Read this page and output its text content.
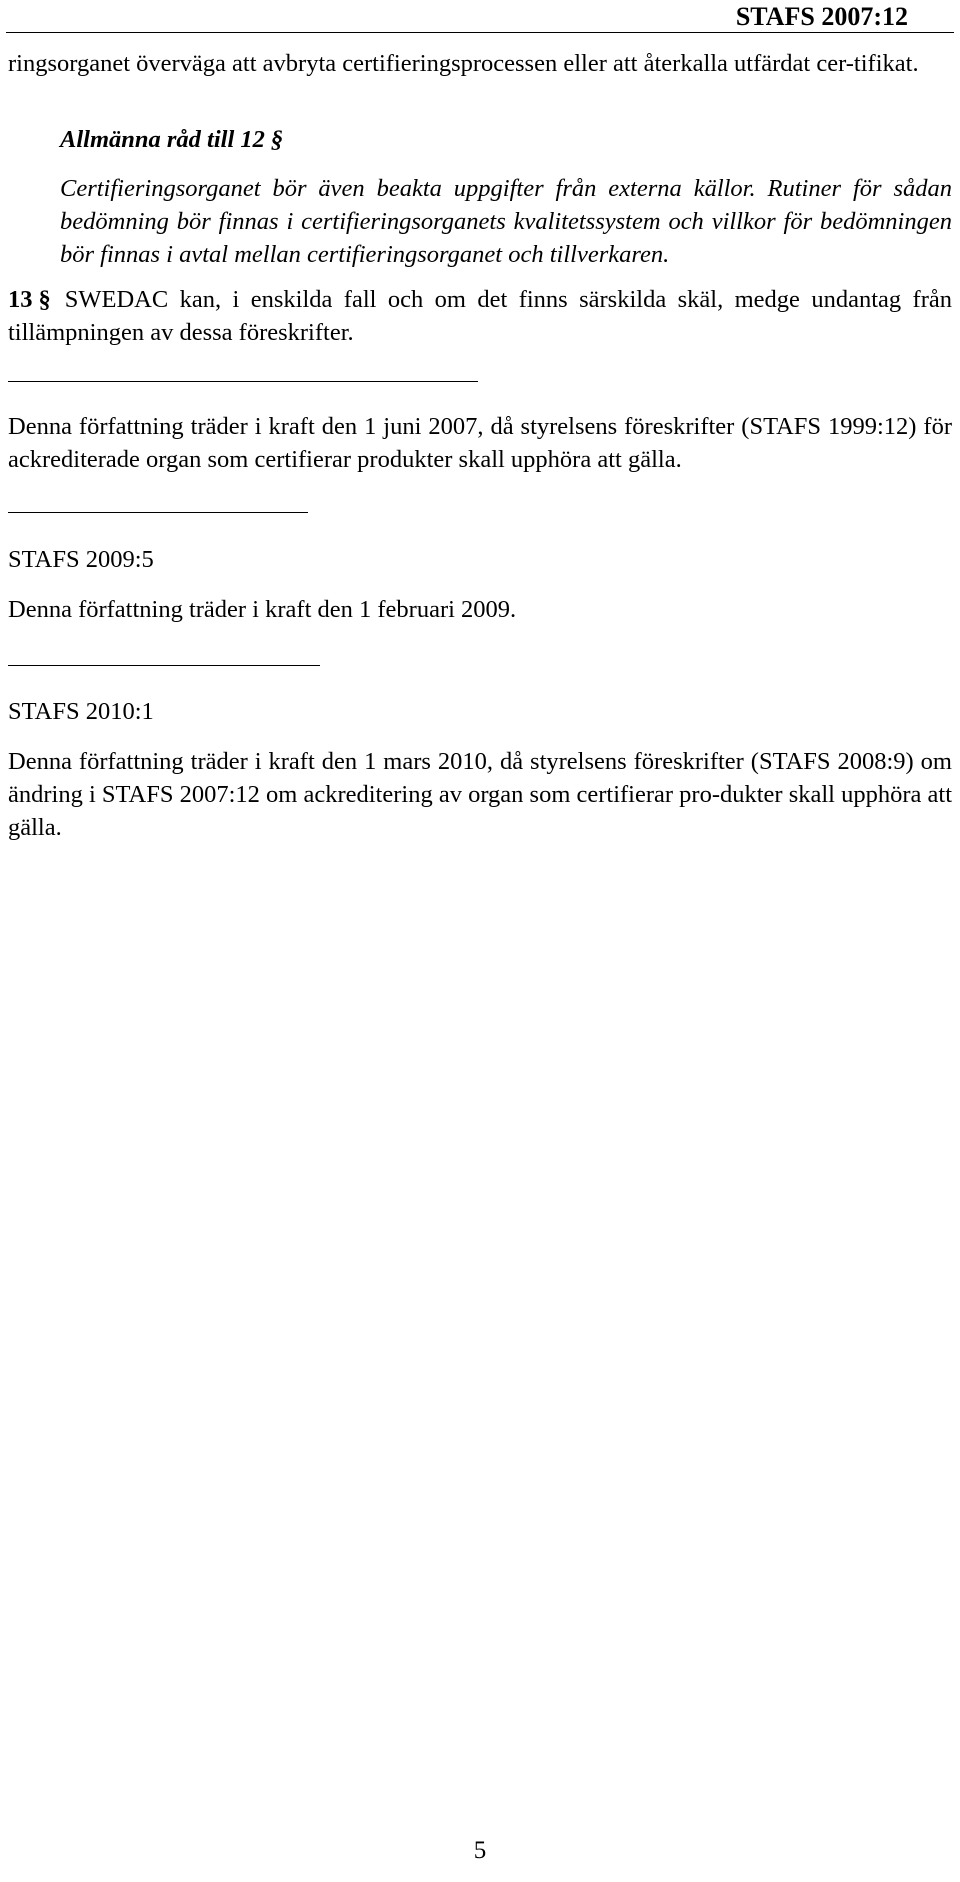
STAFS 2007:12
ringsorganet överväga att avbryta certifieringsprocessen eller att återkalla utfärdat cer-tifikat.
Allmänna råd till 12 §
Certifieringsorganet bör även beakta uppgifter från externa källor. Rutiner för sådan bedömning bör finnas i certifieringsorganets kvalitetssystem och villkor för bedömningen bör finnas i avtal mellan certifieringsorganet och tillverkaren.
13 § SWEDAC kan, i enskilda fall och om det finns särskilda skäl, medge undantag från tillämpningen av dessa föreskrifter.
Denna författning träder i kraft den 1 juni 2007, då styrelsens föreskrifter (STAFS 1999:12) för ackrediterade organ som certifierar produkter skall upphöra att gälla.
STAFS 2009:5
Denna författning träder i kraft den 1 februari 2009.
STAFS 2010:1
Denna författning träder i kraft den 1 mars 2010, då styrelsens föreskrifter (STAFS 2008:9) om ändring i STAFS 2007:12 om ackreditering av organ som certifierar pro-dukter skall upphöra att gälla.
5
